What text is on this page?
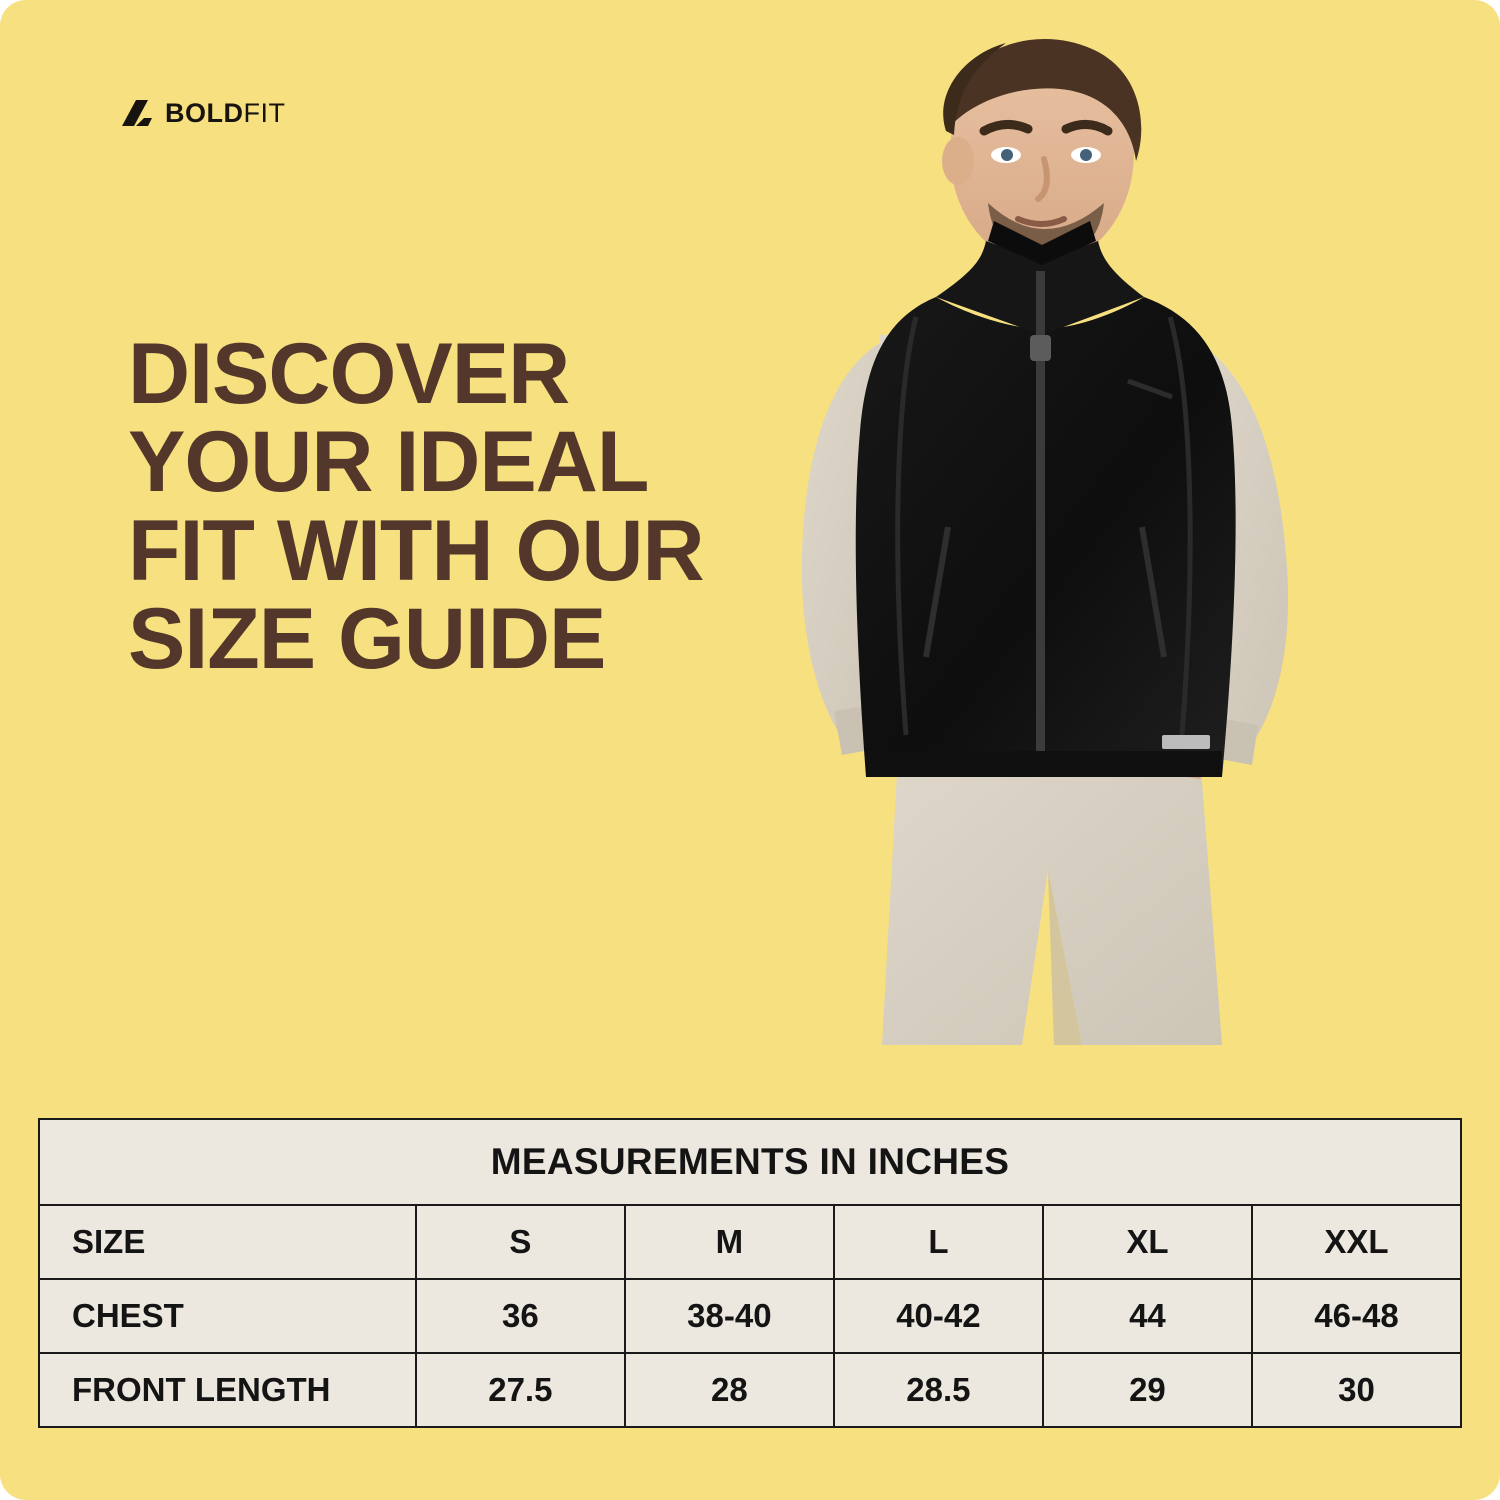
BOLDFIT
DISCOVER
YOUR IDEAL
FIT WITH OUR
SIZE GUIDE
MEASUREMENTS IN INCHES					
SIZE	S	M	L	XL	XXL
CHEST	36	38-40	40-42	44	46-48
FRONT LENGTH	27.5	28	28.5	29	30
